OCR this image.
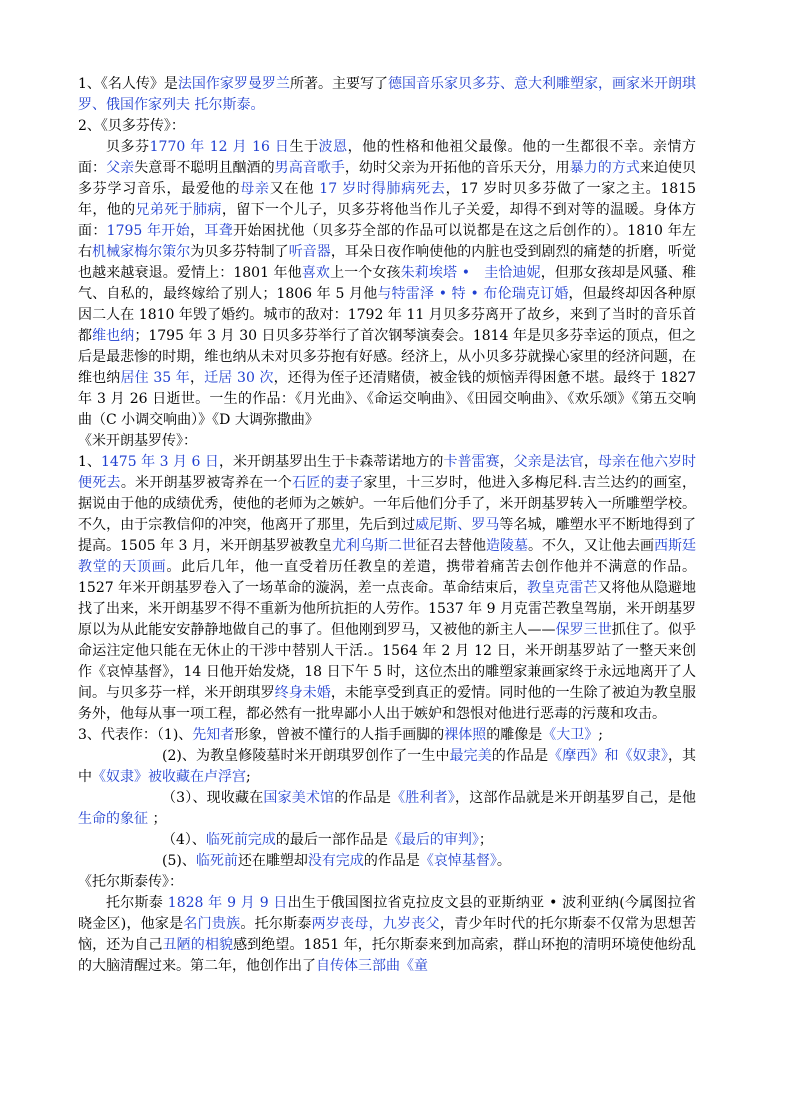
1、《名人传》是法国作家罗曼罗兰所著。主要写了德国音乐家贝多芬、意大利雕塑家，画家米开朗琪罗、俄国作家列夫 托尔斯泰。

2、《贝多芬传》：

贝多芬1770 年 12 月 16 日生于波恩，他的性格和他祖父最像。他的一生都很不幸。亲情方面：父亲失意哥不聪明且酗酒的男高音歌手，幼时父亲为开拓他的音乐天分，用暴力的方式来迫使贝多芬学习音乐，最爱他的母亲又在他 17 岁时得肺病死去，17 岁时贝多芬做了一家之主。1815 年，他的兄弟死于肺病，留下一个儿子，贝多芬将他当作儿子关爱，却得不到对等的温暖。身体方面：1795 年开始，耳聋开始困扰他（贝多芬全部的作品可以说都是在这之后创作的）。1810 年左右机械家梅尔策尔为贝多芬特制了听音器，耳朵日夜作响使他的内脏也受到剧烈的痛楚的折磨，听觉也越来越衰退。爱情上：1801 年他喜欢上一个女孩朱莉埃塔 •　圭恰迪妮，但那女孩却是风骚、稚气、自私的，最终嫁给了别人；1806 年 5 月他与特雷泽 • 特 • 布伦瑞克订婚，但最终却因各种原因二人在 1810 年毁了婚约。城市的敌对：1792 年 11 月贝多芬离开了故乡，来到了当时的音乐首都维也纳；1795 年 3 月 30 日贝多芬举行了首次钢琴演奏会。1814 年是贝多芬幸运的顶点，但之后是最悲惨的时期，维也纳从未对贝多芬抱有好感。经济上，从小贝多芬就操心家里的经济问题，在维也纳居住 35 年，迁居 30 次，还得为侄子还清赌债，被金钱的烦恼弄得困惫不堪。最终于 1827 年 3 月 26 日逝世。一生的作品：《月光曲》、《命运交响曲》、《田园交响曲》、《欢乐颂》《第五交响曲（C 小调交响曲）》《D 大调弥撒曲》

《米开朗基罗传》：

1、1475 年 3 月 6 日，米开朗基罗出生于卡森蒂诺地方的卡普雷赛，父亲是法官，母亲在他六岁时便死去。米开朗基罗被寄养在一个石匠的妻子家里，十三岁时，他进入多梅尼科.吉兰达约的画室，据说由于他的成绩优秀，使他的老师为之嫉妒。一年后他们分手了，米开朗基罗转入一所雕塑学校。不久，由于宗教信仰的冲突，他离开了那里，先后到过威尼斯、罗马等名城，雕塑水平不断地得到了提高。1505 年 3 月，米开朗基罗被教皇尤利乌斯二世征召去替他造陵墓。不久，又让他去画西斯廷教堂的天顶画。此后几年，他一直受着历任教皇的差遣，携带着痛苦去创作他并不满意的作品。1527 年米开朗基罗卷入了一场革命的漩涡，差一点丧命。革命结束后，教皇克雷芒又将他从隐避地找了出来，米开朗基罗不得不重新为他所抗拒的人劳作。1537 年 9 月克雷芒教皇驾崩，米开朗基罗原以为从此能安安静静地做自己的事了。但他刚到罗马，又被他的新主人——保罗三世抓住了。似乎命运注定他只能在无休止的干涉中替别人干活.。1564 年 2 月 12 日，米开朗基罗站了一整天来创作《哀悼基督》，14 日他开始发烧，18 日下午 5 时，这位杰出的雕塑家兼画家终于永远地离开了人间。与贝多芬一样，米开朗琪罗终身未婚，未能享受到真正的爱情。同时他的一生除了被迫为教皇服务外，他每从事一项工程，都必然有一批卑鄙小人出于嫉妒和怨恨对他进行恶毒的污蔑和攻击。

3、代表作：（1)、先知者形象，曾被不懂行的人指手画脚的裸体照的雕像是《大卫》;

(2)、为教皇修陵墓时米开朗琪罗创作了一生中最完美的作品是《摩西》和《奴隶》，其中《奴隶》被收藏在卢浮宫;

（3）、现收藏在国家美术馆的作品是《胜利者》，这部作品就是米开朗基罗自己，是他生命的象征 ；

（4）、临死前完成的最后一部作品是《最后的审判》；

(5)、临死前还在雕塑却没有完成的作品是《哀悼基督》。

《托尔斯泰传》：

托尔斯泰 1828 年 9 月 9 日出生于俄国图拉省克拉皮文县的亚斯纳亚 • 波利亚纳(今属图拉省晓金区)，他家是名门贵族。托尔斯泰两岁丧母，九岁丧父，青少年时代的托尔斯泰不仅常为思想苦恼，还为自己丑陋的相貌感到绝望。1851 年，托尔斯泰来到加高索，群山环抱的清明环境使他纷乱的大脑清醒过来。第二年，他创作出了自传体三部曲《童
